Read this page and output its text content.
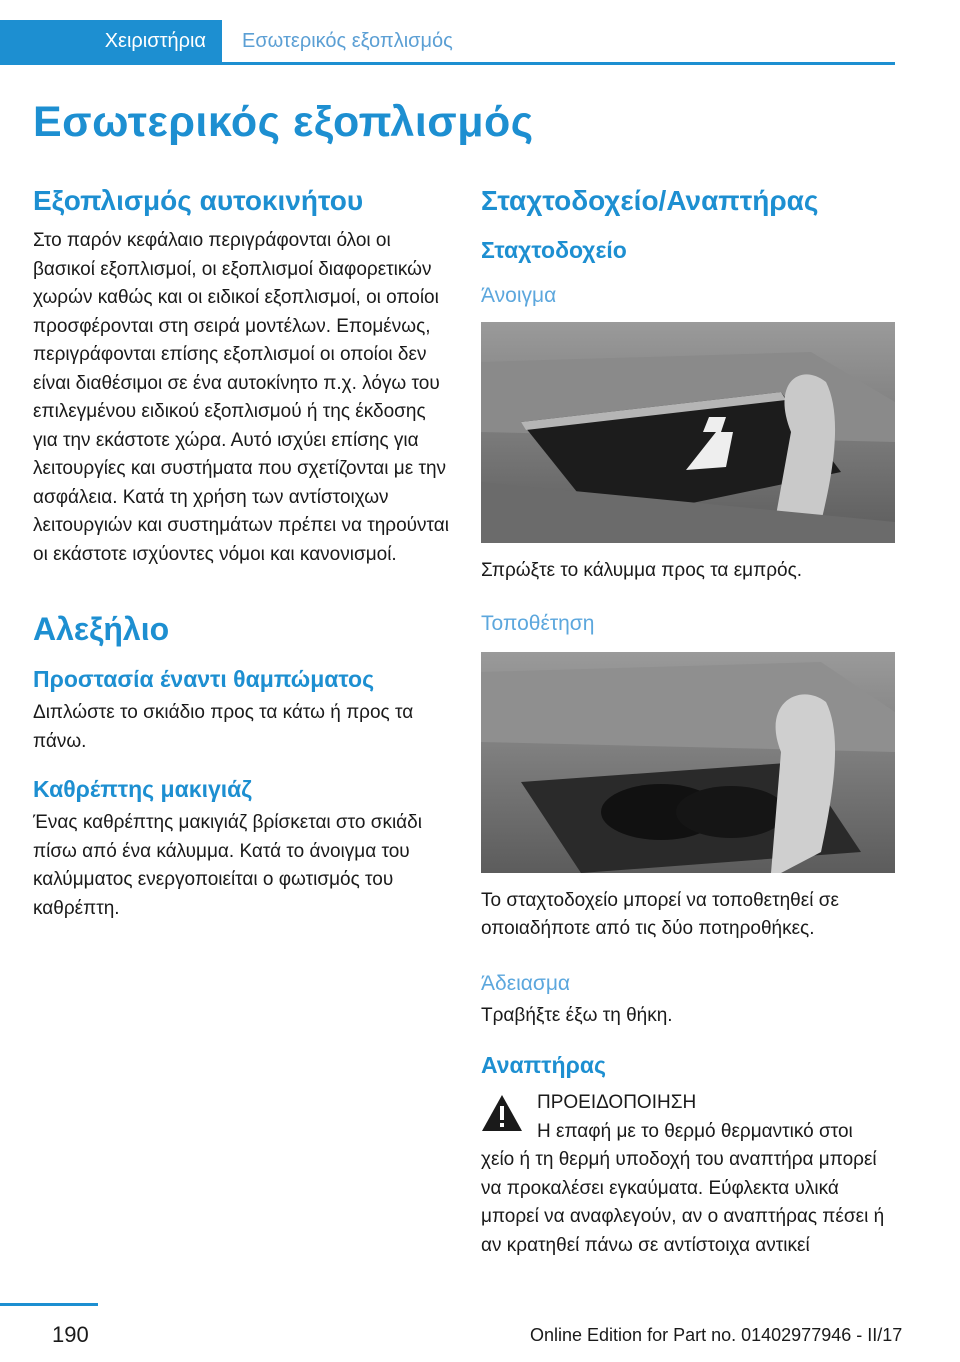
Χειριστήρια	Εσωτερικός εξοπλισμός
Εσωτερικός εξοπλισμός
Εξοπλισμός αυτοκινήτου

Στο παρόν κεφάλαιο περιγράφονται όλοι οι βασικοί εξοπλισμοί, οι εξοπλισμοί διαφορετικών χωρών καθώς και οι ειδικοί εξοπλισμοί, οι οποίοι προσφέρονται στη σειρά μοντέλων. Επομένως, περιγράφονται επίσης εξοπλισμοί οι οποίοι δεν είναι διαθέσιμοι σε ένα αυτοκίνητο π.χ. λόγω του επιλεγμένου ειδικού εξοπλισμού ή της έκδοσης για την εκάστοτε χώρα. Αυτό ισχύει επίσης για λειτουργίες και συστήματα που σχετίζονται με την ασφάλεια. Κατά τη χρήση των αντίστοιχων λειτουργιών και συστημάτων πρέπει να τηρούνται οι εκάστοτε ισχύοντες νόμοι και κανονισμοί.

Αλεξήλιο
Προστασία έναντι θαμπώματος

Διπλώστε το σκιάδιο προς τα κάτω ή προς τα πάνω.

Καθρέπτης μακιγιάζ

Ένας καθρέπτης μακιγιάζ βρίσκεται στο σκιάδι πίσω από ένα κάλυμμα. Κατά το άνοιγμα του καλύμματος ενεργοποιείται ο φωτισμός του καθρέπτη.

Σταχτοδοχείο/Αναπτήρας
Σταχτοδοχείο
Άνοιγμα

Σπρώξτε το κάλυμμα προς τα εμπρός.

Τοποθέτηση

Το σταχτοδοχείο μπορεί να τοποθετηθεί σε οποιαδήποτε από τις δύο ποτηροθήκες.

Άδειασμα

Τραβήξτε έξω τη θήκη.

Αναπτήρας
ΠΡΟΕΙΔΟΠΟΙΗΣΗ

Η επαφή με το θερμό θερμαντικό στοι

χείο ή τη θερμή υποδοχή του αναπτήρα μπορεί να προκαλέσει εγκαύματα. Εύφλεκτα υλικά μπορεί να αναφλεγούν, αν ο αναπτήρας πέσει ή αν κρατηθεί πάνω σε αντίστοιχα αντικεί

190	Online Edition for Part no. 01402977946 - II/17
